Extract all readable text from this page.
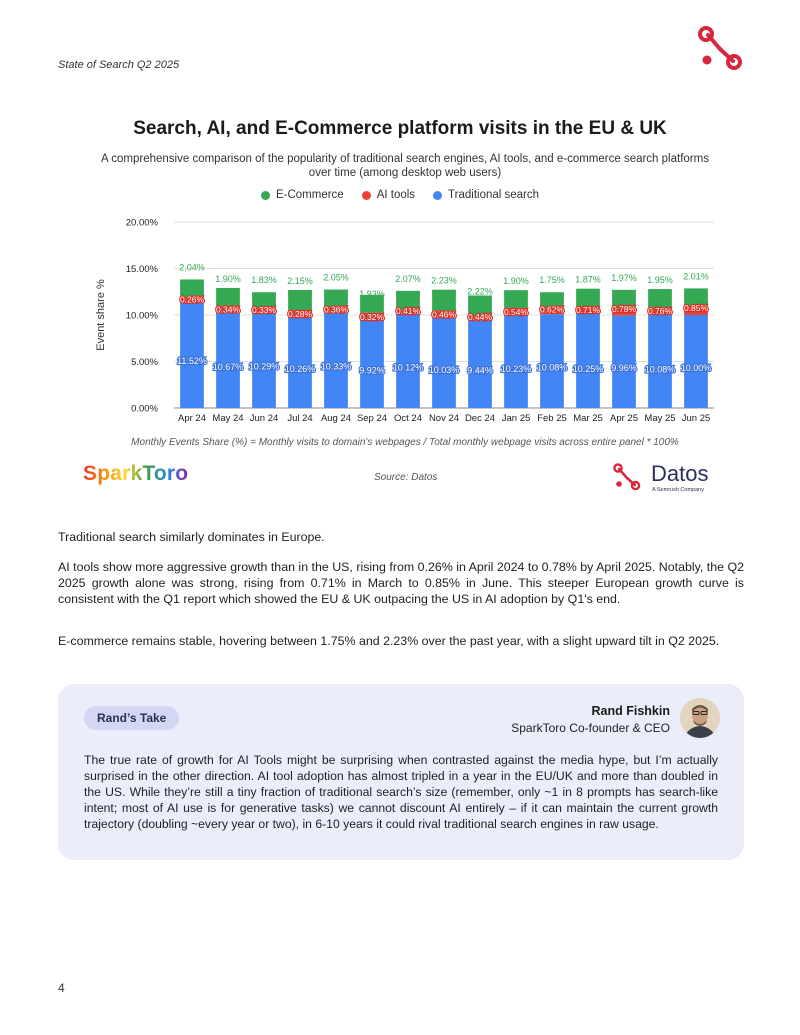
State of Search Q2 2025
Search, AI, and E-Commerce platform visits in the EU & UK
A comprehensive comparison of the popularity of traditional search engines, AI tools, and e-commerce search platforms over time (among desktop web users)
E-Commerce	AI tools	Traditional search
Event share %
0.00%
5.00%
10.00%
15.00%
20.00%
Apr 24
11.52%
0.26%
2.04%
May 24
10.67%
0.34%
1.90%
Jun 24
10.29%
0.33%
1.83%
Jul 24
10.26%
0.28%
2.15%
Aug 24
10.33%
0.36%
2.05%
Sep 24
9.92%
0.32%
1.93%
Oct 24
10.12%
0.41%
2.07%
Nov 24
10.03%
0.46%
2.23%
Dec 24
9.44%
0.44%
2.22%
Jan 25
10.23%
0.54%
1.90%
Feb 25
10.08%
0.62%
1.75%
Mar 25
10.25%
0.71%
1.87%
Apr 25
9.96%
0.78%
1.97%
May 25
10.08%
0.76%
1.95%
Jun 25
10.00%
0.85%
2.01%
Monthly Events Share (%) = Monthly visits to domain's webpages / Total monthly webpage visits across entire panel * 100%
SparkToro	Source: Datos	Datos
A Semrush Company

Traditional search similarly dominates in Europe.

AI tools show more aggressive growth than in the US, rising from 0.26% in April 2024 to 0.78% by April 2025. Notably, the Q2 2025 growth alone was strong, rising from 0.71% in March to 0.85% in June. This steeper European growth curve is consistent with the Q1 report which showed the EU & UK outpacing the US in AI adoption by Q1's end.

E-commerce remains stable, hovering between 1.75% and 2.23% over the past year, with a slight upward tilt in Q2 2025.

Rand’s Take	Rand Fishkin
SparkToro Co-founder & CEO

The true rate of growth for AI Tools might be surprising when contrasted against the media hype, but I’m actually surprised in the other direction. AI tool adoption has almost tripled in a year in the EU/UK and more than doubled in the US. While they’re still a tiny fraction of traditional search’s size (remember, only ~1 in 8 prompts has search-like intent; most of AI use is for generative tasks) we cannot discount AI entirely – if it can maintain the current growth trajectory (doubling ~every year or two), in 6-10 years it could rival traditional search engines in raw usage.

4
